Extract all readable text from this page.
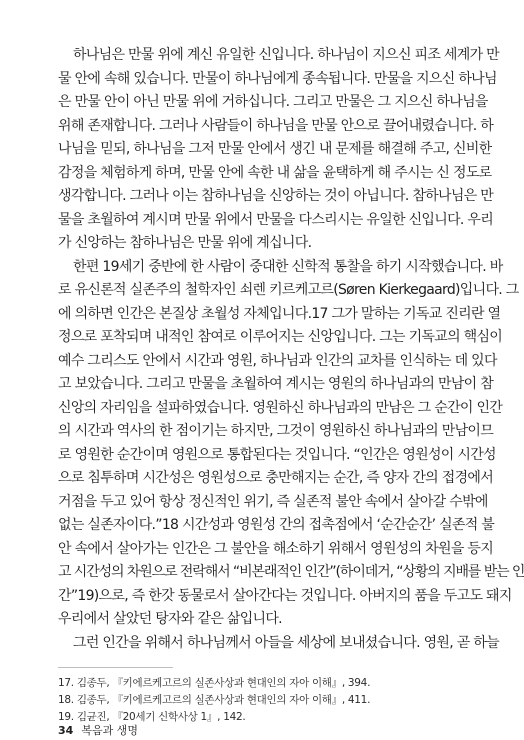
하나님은 만물 위에 계신 유일한 신입니다. 하나님이 지으신 피조 세계가 만
물 안에 속해 있습니다. 만물이 하나님에게 종속됩니다. 만물을 지으신 하나님
은 만물 안이 아닌 만물 위에 거하십니다. 그리고 만물은 그 지으신 하나님을
위해 존재합니다. 그러나 사람들이 하나님을 만물 안으로 끌어내렸습니다. 하
나님을 믿되, 하나님을 그저 만물 안에서 생긴 내 문제를 해결해 주고, 신비한
감정을 체험하게 하며, 만물 안에 속한 내 삶을 윤택하게 해 주시는 신 정도로
생각합니다. 그러나 이는 참하나님을 신앙하는 것이 아닙니다. 참하나님은 만
물을 초월하여 계시며 만물 위에서 만물을 다스리시는 유일한 신입니다. 우리
가 신앙하는 참하나님은 만물 위에 계십니다.
한편 19세기 중반에 한 사람이 중대한 신학적 통찰을 하기 시작했습니다. 바
로 유신론적 실존주의 철학자인 쇠렌 키르케고르(Søren Kierkegaard)입니다. 그
에 의하면 인간은 본질상 초월성 자체입니다.17 그가 말하는 기독교 진리란 열
정으로 포착되며 내적인 참여로 이루어지는 신앙입니다. 그는 기독교의 핵심이
예수 그리스도 안에서 시간과 영원, 하나님과 인간의 교차를 인식하는 데 있다
고 보았습니다. 그리고 만물을 초월하여 계시는 영원의 하나님과의 만남이 참
신앙의 자리임을 설파하였습니다. 영원하신 하나님과의 만남은 그 순간이 인간
의 시간과 역사의 한 점이기는 하지만, 그것이 영원하신 하나님과의 만남이므
로 영원한 순간이며 영원으로 통합된다는 것입니다. “인간은 영원성이 시간성
으로 침투하며 시간성은 영원성으로 충만해지는 순간, 즉 양자 간의 접경에서
거점을 두고 있어 항상 정신적인 위기, 즉 실존적 불안 속에서 살아갈 수밖에
없는 실존자이다.”18 시간성과 영원성 간의 접촉점에서 ‘순간순간’ 실존적 불
안 속에서 살아가는 인간은 그 불안을 해소하기 위해서 영원성의 차원을 등지
고 시간성의 차원으로 전락해서 “비본래적인 인간”(하이데거, “상황의 지배를 받는 인
간”19)으로, 즉 한갓 동물로서 살아간다는 것입니다. 아버지의 품을 두고도 돼지
우리에서 살았던 탕자와 같은 삶입니다.
그런 인간을 위해서 하나님께서 아들을 세상에 보내셨습니다. 영원, 곧 하늘
17. 김종두, 『키에르케고르의 실존사상과 현대인의 자아 이해』, 394.
18. 김종두, 『키에르케고르의 실존사상과 현대인의 자아 이해』, 411.
19. 김균진, 『20세기 신학사상 1』, 142.
34 복음과 생명
